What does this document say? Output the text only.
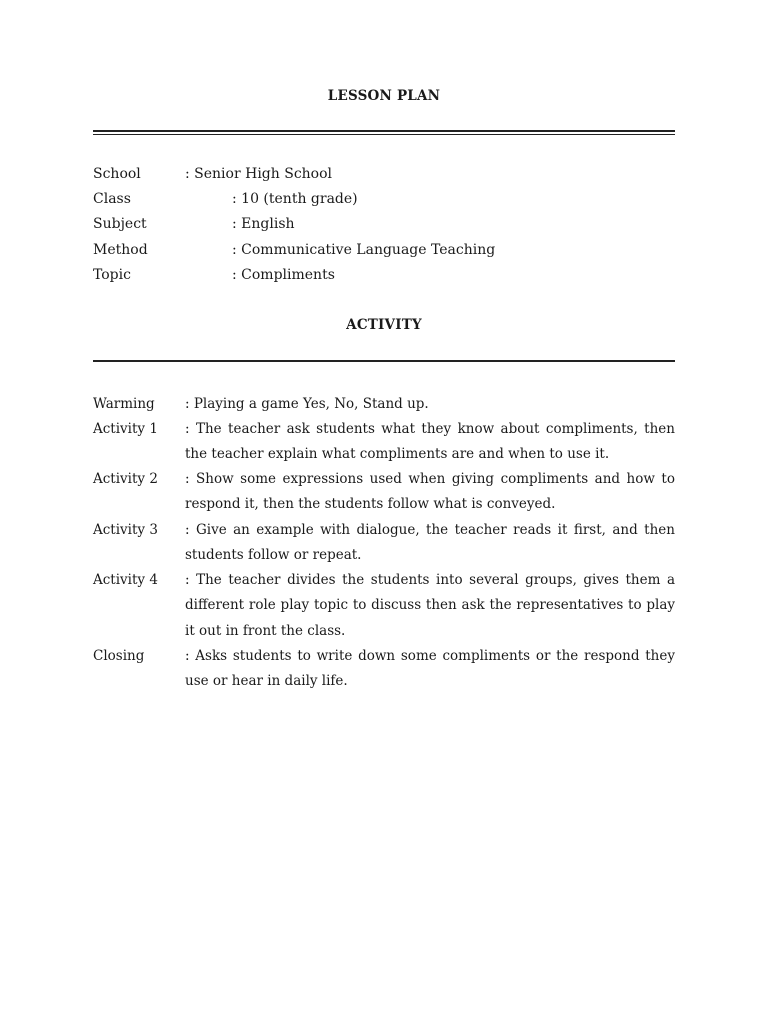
LESSON PLAN
School	: Senior High School
Class	: 10 (tenth grade)
Subject	: English
Method	: Communicative Language Teaching
Topic	: Compliments
ACTIVITY
Warming : Playing a game Yes, No, Stand up.
Activity 1 : The teacher ask students what they know about compliments, then the teacher explain what compliments are and when to use it.
Activity 2 : Show some expressions used when giving compliments and how to respond it, then the students follow what is conveyed.
Activity 3 : Give an example with dialogue, the teacher reads it first, and then students follow or repeat.
Activity 4 : The teacher divides the students into several groups, gives them a different role play topic to discuss then ask the representatives to play it out in front the class.
Closing	: Asks students to write down some compliments or the respond they use or hear in daily life.
